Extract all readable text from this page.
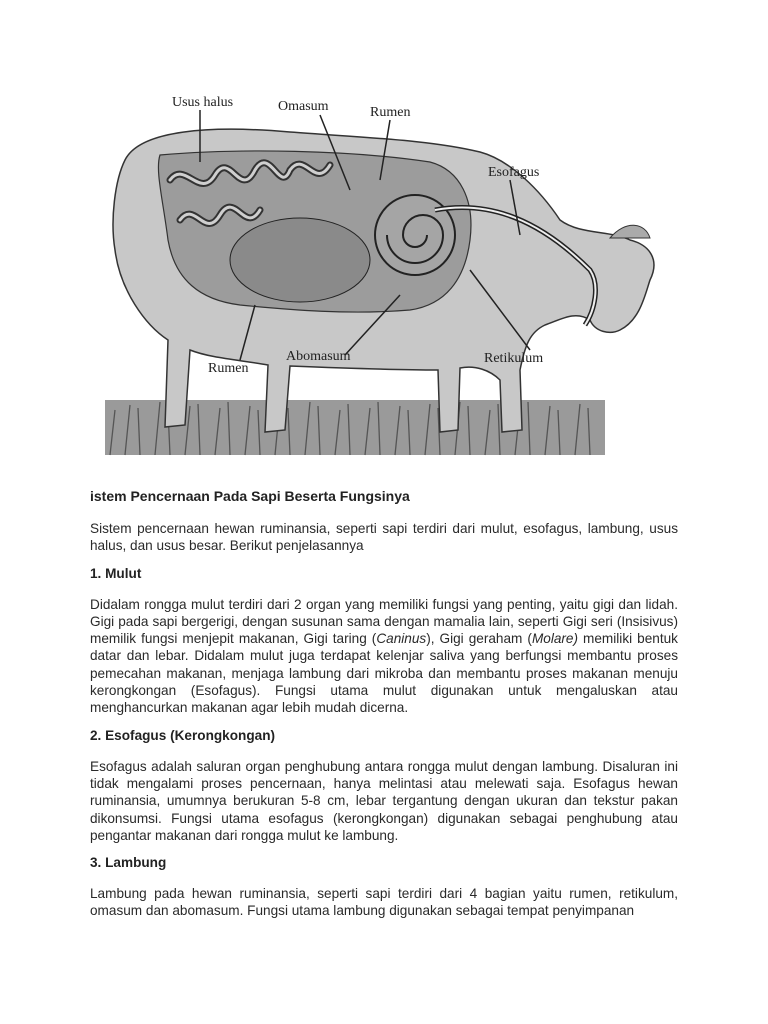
Usus halus	Omasum	Rumen
Esofagus
Rumen
Abomasum	Retikulum
istem Pencernaan Pada Sapi Beserta Fungsinya

Sistem pencernaan hewan ruminansia, seperti sapi terdiri dari mulut, esofagus, lambung, usus halus, dan usus besar. Berikut penjelasannya

1. Mulut

Didalam rongga mulut terdiri dari 2 organ yang memiliki fungsi yang penting, yaitu gigi dan lidah. Gigi pada sapi bergerigi, dengan susunan sama dengan mamalia lain, seperti Gigi seri (Insisivus) memilik fungsi menjepit makanan, Gigi taring (Caninus), Gigi geraham (Molare) memiliki bentuk datar dan lebar. Didalam mulut juga terdapat kelenjar saliva yang berfungsi membantu proses pemecahan makanan, menjaga lambung dari mikroba dan membantu proses makanan menuju kerongkongan (Esofagus). Fungsi utama mulut digunakan untuk mengaluskan atau menghancurkan makanan agar lebih mudah dicerna.

2. Esofagus (Kerongkongan)

Esofagus adalah saluran organ penghubung antara rongga mulut dengan lambung. Disaluran ini tidak mengalami proses pencernaan, hanya melintasi atau melewati saja. Esofagus hewan ruminansia, umumnya berukuran 5-8 cm, lebar tergantung dengan ukuran dan tekstur pakan dikonsumsi. Fungsi utama esofagus (kerongkongan) digunakan sebagai penghubung atau pengantar makanan dari rongga mulut ke lambung.

3. Lambung

Lambung pada hewan ruminansia, seperti sapi terdiri dari 4 bagian yaitu rumen, retikulum, omasum dan abomasum. Fungsi utama lambung digunakan sebagai tempat penyimpanan
